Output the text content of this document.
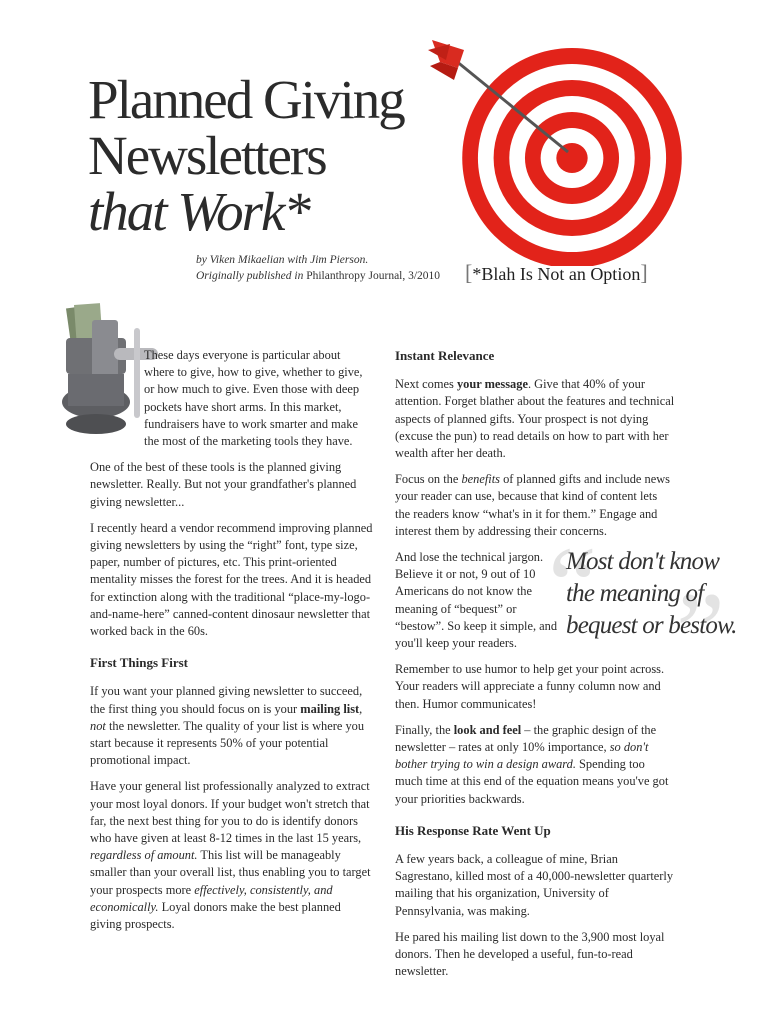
Planned Giving
Newsletters
that Work*
by Viken Mikaelian with Jim Pierson.
Originally published in Philanthropy Journal, 3/2010 [*Blah Is Not an Option]

These days everyone is particular about where to give, how to give, whether to give, or how much to give. Even those with deep pockets have short arms. In this market, fundraisers have to work smarter and make the most of the marketing tools they have.

One of the best of these tools is the planned giving newsletter. Really. But not your grandfather's planned giving newsletter...

I recently heard a vendor recommend improving planned giving newsletters by using the “right” font, type size, paper, number of pictures, etc. This print-oriented mentality misses the forest for the trees. And it is headed for extinction along with the traditional “place-my-logo-and-name-here” canned-content dinosaur newsletter that worked back in the 60s.

First Things First

If you want your planned giving newsletter to succeed, the first thing you should focus on is your mailing list, not the newsletter. The quality of your list is where you start because it represents 50% of your potential promotional impact.

Have your general list professionally analyzed to extract your most loyal donors. If your budget won't stretch that far, the next best thing for you to do is identify donors who have given at least 8-12 times in the last 15 years, regardless of amount. This list will be manageably smaller than your overall list, thus enabling you to target your prospects more effectively, consistently, and economically. Loyal donors make the best planned giving prospects.

Instant Relevance

Next comes your message. Give that 40% of your attention. Forget blather about the features and technical aspects of planned gifts. Your prospect is not dying (excuse the pun) to read details on how to part with her wealth after her death.

Focus on the benefits of planned gifts and include news your reader can use, because that kind of content lets the readers know “what's in it for them.” Engage and interest them by addressing their concerns.

And lose the technical jargon. Believe it or not, 9 out of 10 Americans do not know the meaning of “bequest” or “bestow”. So keep it simple, and you'll keep your readers.

Remember to use humor to help get your point across. Your readers will appreciate a funny column now and then. Humor communicates!

Finally, the look and feel – the graphic design of the newsletter – rates at only 10% importance, so don't bother trying to win a design award. Spending too much time at this end of the equation means you've got your priorities backwards.

His Response Rate Went Up

A few years back, a colleague of mine, Brian Sagrestano, killed most of a 40,000-newsletter quarterly mailing that his organization, University of Pennsylvania, was making.

He pared his mailing list down to the 3,900 most loyal donors. Then he developed a useful, fun-to-read newsletter.

“ ”
Most don't know the meaning of bequest or bestow.
